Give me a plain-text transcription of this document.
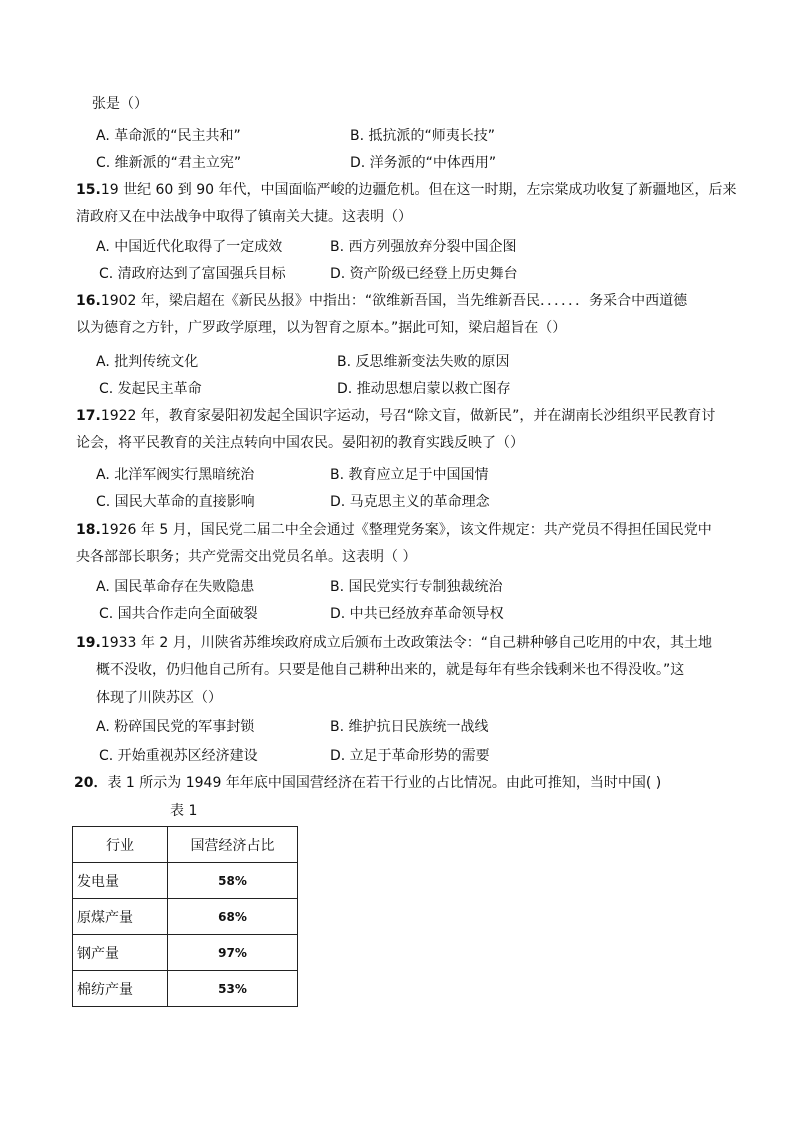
张是（）
A. 革命派的“民主共和”	B. 抵抗派的“师夷长技”
C. 维新派的“君主立宪”	D. 洋务派的“中体西用”
15.19 世纪 60 到 90 年代，中国面临严峻的边疆危机。但在这一时期，左宗棠成功收复了新疆地区，后来
清政府又在中法战争中取得了镇南关大捷。这表明（）
A. 中国近代化取得了一定成效	B. 西方列强放弃分裂中国企图
C. 清政府达到了富国强兵目标	D. 资产阶级已经登上历史舞台
16.1902 年，梁启超在《新民丛报》中指出：“欲维新吾国，当先维新吾民．．．．．．务采合中西道德
以为德育之方针，广罗政学原理，以为智育之原本。”据此可知，梁启超旨在（）
A. 批判传统文化	B. 反思维新变法失败的原因
C. 发起民主革命	D. 推动思想启蒙以救亡图存
17.1922 年，教育家晏阳初发起全国识字运动，号召“除文盲，做新民”，并在湖南长沙组织平民教育讨
论会，将平民教育的关注点转向中国农民。晏阳初的教育实践反映了（）
A. 北洋军阀实行黑暗统治	B. 教育应立足于中国国情
C. 国民大革命的直接影响	D. 马克思主义的革命理念
18.1926 年 5 月，国民党二届二中全会通过《整理党务案》，该文件规定：共产党员不得担任国民党中
央各部部长职务；共产党需交出党员名单。这表明（ ）
A. 国民革命存在失败隐患	B. 国民党实行专制独裁统治
C. 国共合作走向全面破裂	D. 中共已经放弃革命领导权
19.1933 年 2 月，川陕省苏维埃政府成立后颁布土改政策法令：“自己耕种够自己吃用的中农，其土地
概不没收，仍归他自己所有。只要是他自己耕种出来的，就是每年有些余钱剩米也不得没收。”这
体现了川陕苏区（）
A. 粉碎国民党的军事封锁	B. 维护抗日民族统一战线
C. 开始重视苏区经济建设	D. 立足于革命形势的需要
20．表 1 所示为 1949 年年底中国国营经济在若干行业的占比情况。由此可推知，当时中国( )
表 1
行业	国营经济占比
发电量	58%
原煤产量	68%
钢产量	97%
棉纺产量	53%
